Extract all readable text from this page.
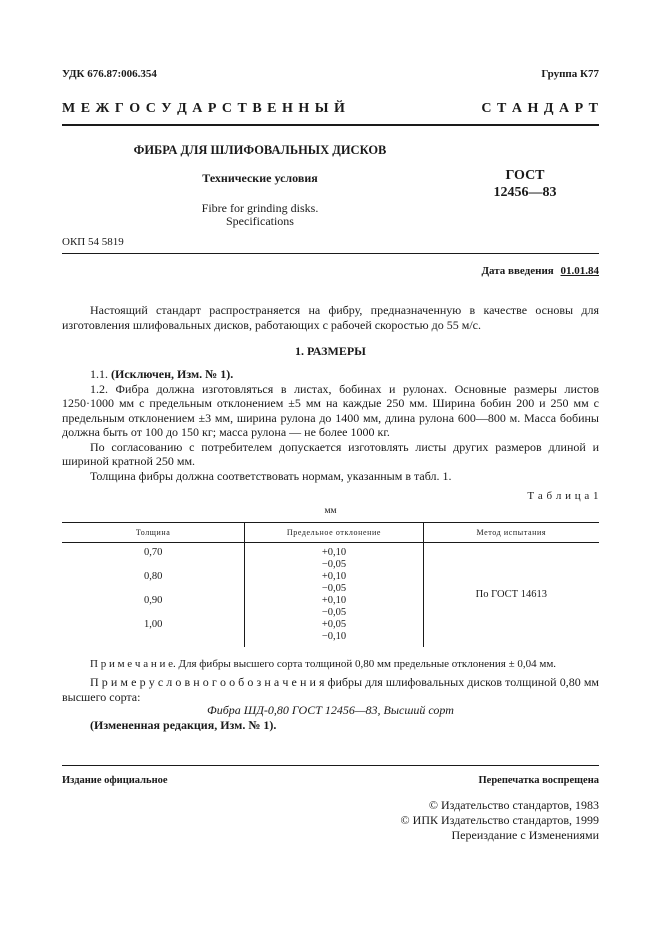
УДК 676.87:006.354	Группа К77
М Е Ж Г О С У Д А Р С Т В Е Н Н Ы Й	С Т А Н Д А Р Т
ФИБРА ДЛЯ ШЛИФОВАЛЬНЫХ ДИСКОВ
Технические условия
Fibre for grinding disks.
Specifications
ГОСТ
12456—83
ОКП 54 5819
Дата введения 01.01.84

Настоящий стандарт распространяется на фибру, предназначенную в качестве основы для изготовления шлифовальных дисков, работающих с рабочей скоростью до 55 м/с.

1. РАЗМЕРЫ

1.1. (Исключен, Изм. № 1).

1.2. Фибра должна изготовляться в листах, бобинах и рулонах. Основные размеры листов 1250·1000 мм с предельным отклонением ±5 мм на каждые 250 мм. Ширина бобин 200 и 250 мм с предельным отклонением ±3 мм, ширина рулона до 1400 мм, длина рулона 600—800 м. Масса бобины должна быть от 100 до 150 кг; масса рулона — не более 1000 кг.

По согласованию с потребителем допускается изготовлять листы других размеров длиной и шириной кратной 250 мм.

Толщина фибры должна соответствовать нормам, указанным в табл. 1.

Т а б л и ц а 1
мм
Толщина	Предельное отклонение	Метод испытания
0,70	+0,10
−0,05	По ГОСТ 14613
0,80	+0,10
−0,05	

0,90	+0,10
−0,05	

1,00	+0,05
−0,10	
П р и м е ч а н и е. Для фибры высшего сорта толщиной 0,80 мм предельные отклонения ± 0,04 мм.

П р и м е р у с л о в н о г о о б о з н а ч е н и я фибры для шлифовальных дисков толщиной 0,80 мм высшего сорта:

Фибра ШД-0,80 ГОСТ 12456—83, Высший сорт
(Измененная редакция, Изм. № 1).
Издание официальное	Перепечатка воспрещена
© Издательство стандартов, 1983
© ИПК Издательство стандартов, 1999
Переиздание с Изменениями
